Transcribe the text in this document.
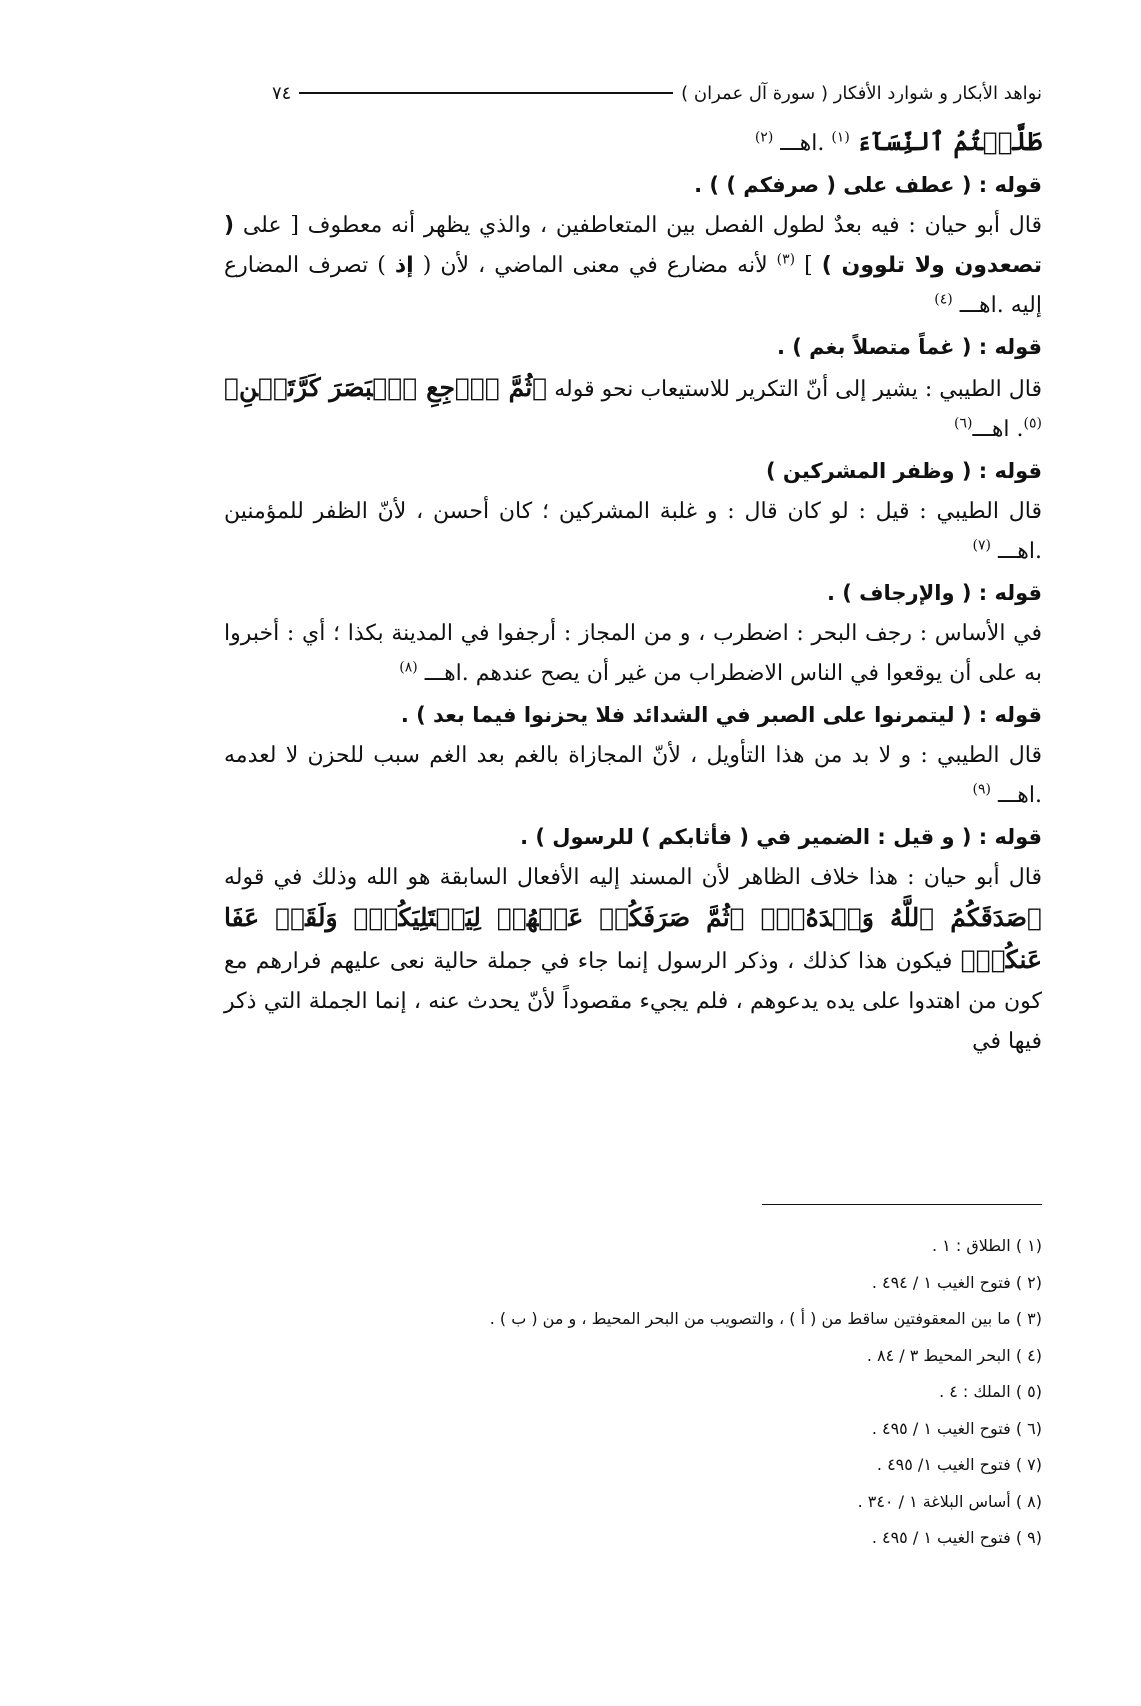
نواهد الأبكار و شوارد الأفكار ( سورة آل عمران )
٧٤

طَلَّقۡتُمُ ٱلنِّسَآءَ $^{(١)}$ .اهـــ $^{(٢)}$

قوله : ( عطف على ( صرفكم ) ) .

قال أبو حيان : فيه بعدٌ لطول الفصل بين المتعاطفين ، والذي يظهر أنه معطوف [ على ( تصعدون ولا تلوون ) ] $^{(٣)}$ لأنه مضارع في معنى الماضي ، لأن ( إذ ) تصرف المضارع إليه .اهـــ $^{(٤)}$

قوله : ( غماً متصلاً بغم ) .

قال الطيبي : يشير إلى أنّ التكرير للاستيعاب نحو قوله ﴿ثُمَّ ٱرۡجِعِ ٱلۡبَصَرَ كَرَّتَيۡنِ﴾$^{(٥)}$. اهـــ$^{(٦)}$

قوله : ( وظفر المشركين )

قال الطيبي : قيل : لو كان قال : و غلبة المشركين ؛ كان أحسن ، لأنّ الظفر للمؤمنين .اهـــ $^{(٧)}$

قوله : ( والإرجاف ) .

في الأساس : رجف البحر : اضطرب ، و من المجاز : أرجفوا في المدينة بكذا ؛ أي : أخبروا به على أن يوقعوا في الناس الاضطراب من غير أن يصح عندهم .اهـــ $^{(٨)}$

قوله : ( ليتمرنوا على الصبر في الشدائد فلا يحزنوا فيما بعد ) .

قال الطيبي : و لا بد من هذا التأويل ، لأنّ المجازاة بالغم بعد الغم سبب للحزن لا لعدمه .اهـــ $^{(٩)}$

قوله : ( و قيل : الضمير في ( فأثابكم ) للرسول ) .

قال أبو حيان : هذا خلاف الظاهر لأن المسند إليه الأفعال السابقة هو الله وذلك في قوله ﴿صَدَقَكُمُ ٱللَّهُ وَعۡدَهُۥٓ﴾ ﴿ثُمَّ صَرَفَكُمۡ عَنۡهُمۡ لِيَبۡتَلِيَكُمۡۖ وَلَقَدۡ عَفَا عَنكُمۡ﴾ فيكون هذا كذلك ، وذكر الرسول إنما جاء في جملة حالية نعى عليهم فرارهم مع كون من اهتدوا على يده يدعوهم ، فلم يجيء مقصوداً لأنّ يحدث عنه ، إنما الجملة التي ذكر فيها في

(١ ) الطلاق : ١ .
(٢ ) فتوح الغيب ١ / ٤٩٤ .
(٣ ) ما بين المعقوفتين ساقط من ( أ ) ، والتصويب من البحر المحيط ، و من ( ب ) .
(٤ ) البحر المحيط ٣ / ٨٤ .
(٥ ) الملك : ٤ .
(٦ ) فتوح الغيب ١ / ٤٩٥ .
(٧ ) فتوح الغيب ١/ ٤٩٥ .
(٨ ) أساس البلاغة ١ / ٣٤٠ .
(٩ ) فتوح الغيب ١ / ٤٩٥ .
